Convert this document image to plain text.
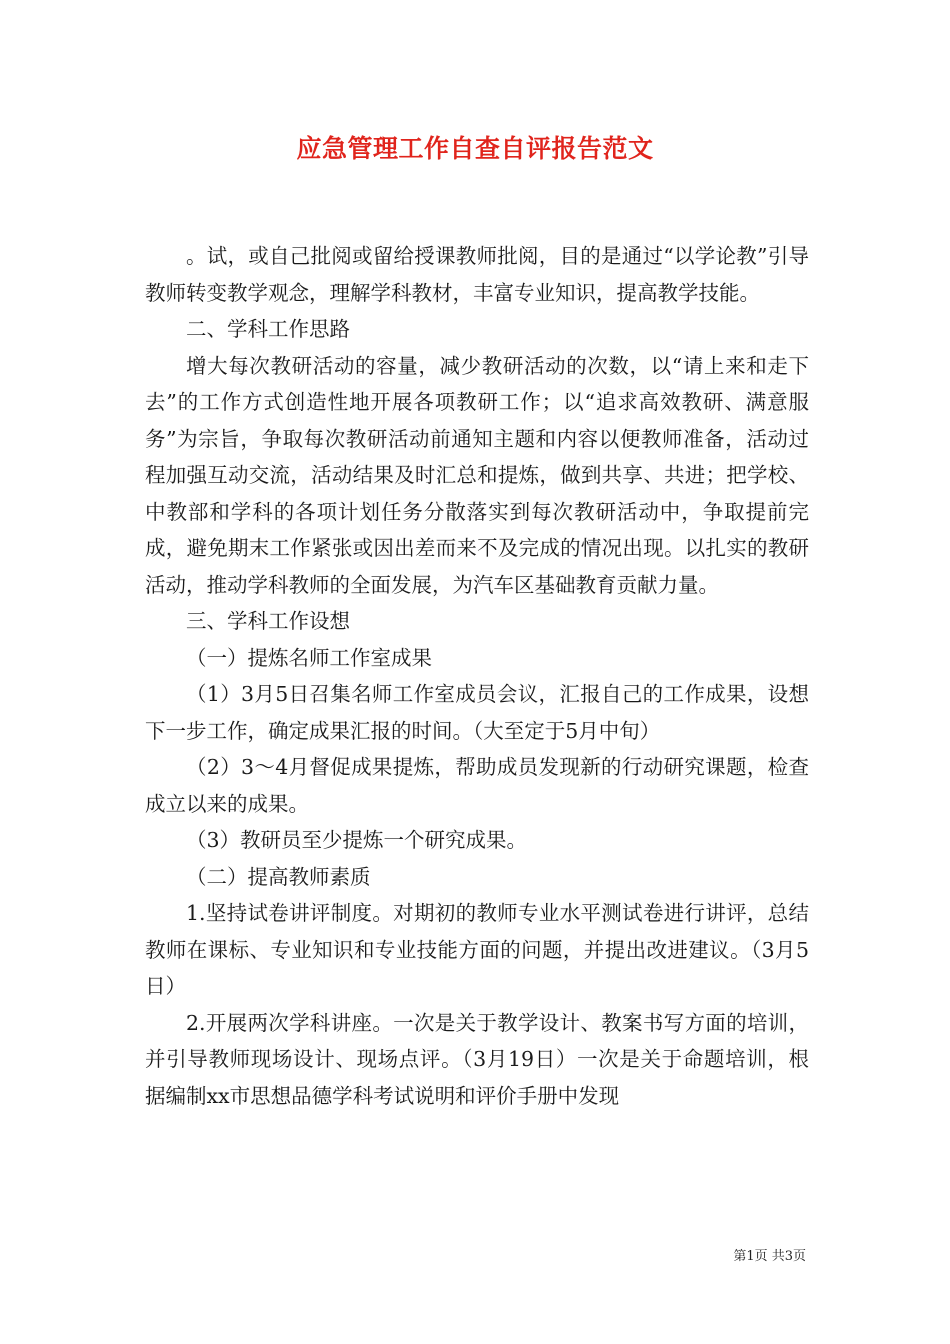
应急管理工作自查自评报告范文

。试，或自己批阅或留给授课教师批阅，目的是通过“以学论教”引导教师转变教学观念，理解学科教材，丰富专业知识，提高教学技能。

二、学科工作思路

增大每次教研活动的容量，减少教研活动的次数，以“请上来和走下去”的工作方式创造性地开展各项教研工作；以“追求高效教研、满意服务”为宗旨，争取每次教研活动前通知主题和内容以便教师准备，活动过程加强互动交流，活动结果及时汇总和提炼，做到共享、共进；把学校、中教部和学科的各项计划任务分散落实到每次教研活动中，争取提前完成，避免期末工作紧张或因出差而来不及完成的情况出现。以扎实的教研活动，推动学科教师的全面发展，为汽车区基础教育贡献力量。

三、学科工作设想

（一）提炼名师工作室成果

（1）3月5日召集名师工作室成员会议，汇报自己的工作成果，设想下一步工作，确定成果汇报的时间。（大至定于5月中旬）

（2）3～4月督促成果提炼，帮助成员发现新的行动研究课题，检查成立以来的成果。

（3）教研员至少提炼一个研究成果。

（二）提高教师素质

1.坚持试卷讲评制度。对期初的教师专业水平测试卷进行讲评，总结教师在课标、专业知识和专业技能方面的问题，并提出改进建议。（3月5日）

2.开展两次学科讲座。一次是关于教学设计、教案书写方面的培训，并引导教师现场设计、现场点评。（3月19日）一次是关于命题培训，根据编制xx市思想品德学科考试说明和评价手册中发现

第1页 共3页
